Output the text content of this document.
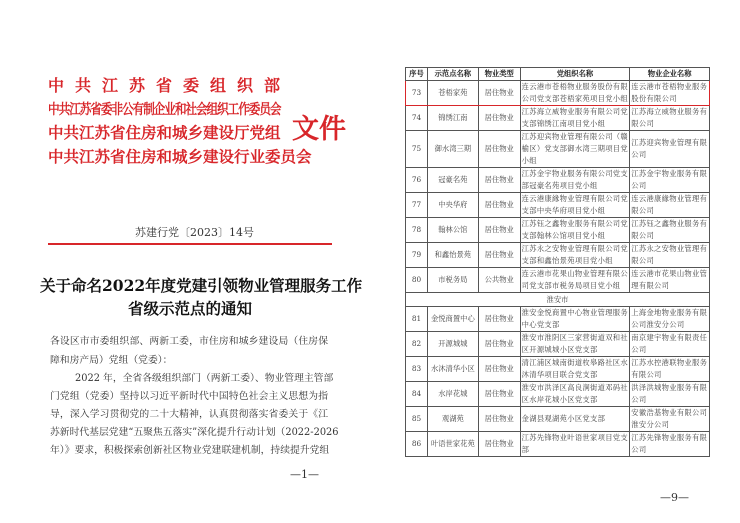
中共江苏省委组织部
中共江苏省委非公有制企业和社会组织工作委员会
中共江苏省住房和城乡建设厅党组
中共江苏省住房和城乡建设行业委员会
文件
苏建行党〔2023〕14号
关于命名2022年度党建引领物业管理服务工作
省级示范点的通知
各设区市市委组织部、两新工委，市住房和城乡建设局（住房保
障和房产局）党组（党委）：
2022 年，全省各级组织部门（两新工委）、物业管理主管部
门党组（党委）坚持以习近平新时代中国特色社会主义思想为指
导，深入学习贯彻党的二十大精神，认真贯彻落实省委关于《江
苏新时代基层党建“五聚焦五落实”深化提升行动计划（2022-2026
年）》要求，积极探索创新社区物业党建联建机制，持续提升党组
—1—
序号	示范点名称	物业类型	党组织名称	物业企业名称
73	苍梧家苑	居住物业	连云港市苍梧物业服务股份有限公司党支部苍梧家苑项目党小组	连云港市苍梧物业服务股份有限公司
74	锦绣江南	居住物业	江苏海立威物业服务有限公司党支部锦绣江南项目党小组	江苏海立威物业服务有限公司
75	御水湾三期	居住物业	江苏迎宾物业管理有限公司（赣榆区）党支部御水湾三期项目党小组	江苏迎宾物业管理有限公司
76	冠豪名苑	居住物业	江苏金宇物业服务有限公司党支部冠豪名苑项目党小组	江苏金宇物业服务有限公司
77	中央华府	居住物业	连云港康緣物业管理有限公司党支部中央华府项目党小组	连云港康緣物业管理有限公司
78	翰林公馆	居住物业	江苏钰之鑫物业服务有限公司党支部翰林公馆项目党小组	江苏钰之鑫物业服务有限公司
79	和鑫怡景苑	居住物业	江苏永之安物业管理有限公司党支部和鑫怡景苑项目党小组	江苏永之安物业管理有限公司
80	市税务局	公共物业	连云港市花果山物业管理有限公司党支部市税务局项目党小组	连云港市花果山物业管理有限公司
淮安市				
81	金悦商置中心	居住物业	淮安金悦商置中心物业管理服务中心党支部	上海金地物业服务有限公司淮安分公司
82	开源城城	居住物业	淮安市淮阴区三家营街道双和社区开源城城小区党支部	南京建宇物业有限责任公司
83	水沐清华小区	居住物业	清江浦区城南街道枚皋路社区水沐清华项目联合党支部	江苏水控港联物业服务有限公司
84	水岸花城	居住物业	淮安市洪泽区高良涧街道邓码社区水岸花城小区党支部	洪泽洪城物业服务有限公司
85	观湖苑	居住物业	金湖县观湖苑小区党支部	安徽浩基物业有限公司淮安分公司
86	叶语世家花苑	居住物业	江苏先锋物业叶语世家项目党支部	江苏先锋物业服务有限公司
—9—
